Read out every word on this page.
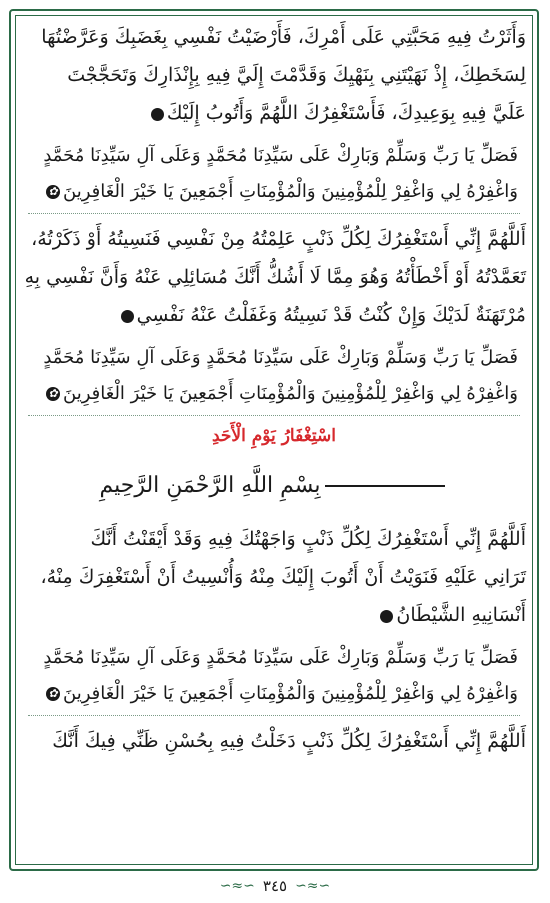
وَأَثَرْتُ فِيهِ مَحَبَّتِي عَلَى أَمْرِكَ، فَأَرْضَيْتُ نَفْسِي بِغَضَبِكَ وَعَرَّضْتُهَا
لِسَخَطِكَ، إِذْ نَهَيْتَنِي بِنَهْيِكَ وَقَدَّمْتَ إِلَيَّ فِيهِ بِإِنْذَارِكَ وَتَحَجَّجْتَ
عَلَيَّ فِيهِ بِوَعِيدِكَ، فَأَسْتَغْفِرُكَ اللَّهُمَّ وَأَتُوبُ إِلَيْكَ
فَصَلِّ يَا رَبِّ وَسَلِّمْ وَبَارِكْ عَلَى سَيِّدِنَا مُحَمَّدٍ وَعَلَى آلِ سَيِّدِنَا مُحَمَّدٍ
وَاغْفِرْهُ لِي وَاغْفِرْ لِلْمُؤْمِنِينَ وَالْمُؤْمِنَاتِ أَجْمَعِينَ يَا خَيْرَ الْغَافِرِينَ✿
أَللَّهُمَّ إِنِّي أَسْتَغْفِرُكَ لِكُلِّ ذَنْبٍ عَلِمْتُهُ مِنْ نَفْسِي فَنَسِيتُهُ أَوْ ذَكَرْتُهُ،
تَعَمَّدْتُهُ أَوْ أَخْطَأْتُهُ وَهُوَ مِمَّا لَا أَشُكُّ أَنَّكَ مُسَائِلِي عَنْهُ وَأَنَّ نَفْسِي بِهِ
مُرْتَهَنَةٌ لَدَيْكَ وَإِنْ كُنْتُ قَدْ نَسِيتُهُ وَغَفَلْتُ عَنْهُ نَفْسِي
فَصَلِّ يَا رَبِّ وَسَلِّمْ وَبَارِكْ عَلَى سَيِّدِنَا مُحَمَّدٍ وَعَلَى آلِ سَيِّدِنَا مُحَمَّدٍ
وَاغْفِرْهُ لِي وَاغْفِرْ لِلْمُؤْمِنِينَ وَالْمُؤْمِنَاتِ أَجْمَعِينَ يَا خَيْرَ الْغَافِرِينَ✿
اسْتِغْفَارُ يَوْمِ الْأَحَدِ
بِسْمِ اللَّهِ الرَّحْمَنِ الرَّحِيمِ
أَللَّهُمَّ إِنِّي أَسْتَغْفِرُكَ لِكُلِّ ذَنْبٍ وَاجَهْتُكَ فِيهِ وَقَدْ أَيْقَنْتُ أَنَّكَ
تَرَانِي عَلَيْهِ فَنَوَيْتُ أَنْ أَتُوبَ إِلَيْكَ مِنْهُ وَأُنْسِيتُ أَنْ أَسْتَغْفِرَكَ مِنْهُ،
أَنْسَانِيهِ الشَّيْطَانُ
فَصَلِّ يَا رَبِّ وَسَلِّمْ وَبَارِكْ عَلَى سَيِّدِنَا مُحَمَّدٍ وَعَلَى آلِ سَيِّدِنَا مُحَمَّدٍ
وَاغْفِرْهُ لِي وَاغْفِرْ لِلْمُؤْمِنِينَ وَالْمُؤْمِنَاتِ أَجْمَعِينَ يَا خَيْرَ الْغَافِرِينَ✿
أَللَّهُمَّ إِنِّي أَسْتَغْفِرُكَ لِكُلِّ ذَنْبٍ دَخَلْتُ فِيهِ بِحُسْنِ ظَنِّي فِيكَ أَنَّكَ
∽≈∽ ٣٤٥ ∽≈∽
